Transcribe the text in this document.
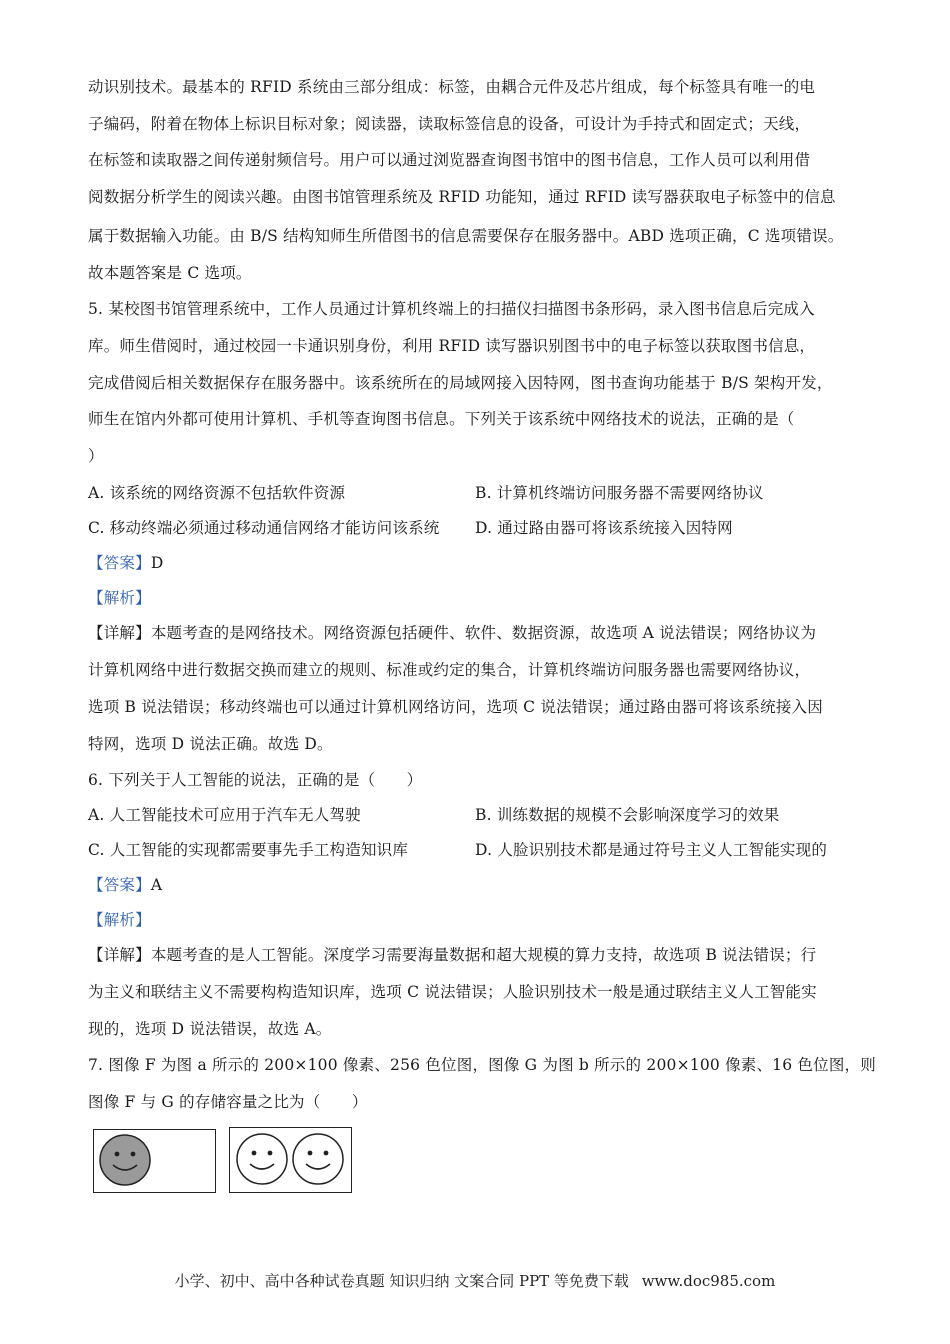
动识别技术。最基本的 RFID 系统由三部分组成：标签，由耦合元件及芯片组成，每个标签具有唯一的电
子编码，附着在物体上标识目标对象；阅读器，读取标签信息的设备，可设计为手持式和固定式；天线，
在标签和读取器之间传递射频信号。用户可以通过浏览器查询图书馆中的图书信息，工作人员可以利用借
阅数据分析学生的阅读兴趣。由图书馆管理系统及 RFID 功能知，通过 RFID 读写器获取电子标签中的信息
属于数据输入功能。由 B/S 结构知师生所借图书的信息需要保存在服务器中。ABD 选项正确，C 选项错误。
故本题答案是 C 选项。
5. 某校图书馆管理系统中，工作人员通过计算机终端上的扫描仪扫描图书条形码，录入图书信息后完成入
库。师生借阅时，通过校园一卡通识别身份，利用 RFID 读写器识别图书中的电子标签以获取图书信息，
完成借阅后相关数据保存在服务器中。该系统所在的局域网接入因特网，图书查询功能基于 B/S 架构开发，
师生在馆内外都可使用计算机、手机等查询图书信息。下列关于该系统中网络技术的说法，正确的是（
）
A. 该系统的网络资源不包括软件资源	B. 计算机终端访问服务器不需要网络协议
C. 移动终端必须通过移动通信网络才能访问该系统 D. 通过路由器可将该系统接入因特网
【答案】D
【解析】
【详解】本题考查的是网络技术。网络资源包括硬件、软件、数据资源，故选项 A 说法错误；网络协议为
计算机网络中进行数据交换而建立的规则、标准或约定的集合，计算机终端访问服务器也需要网络协议，
选项 B 说法错误；移动终端也可以通过计算机网络访问，选项 C 说法错误；通过路由器可将该系统接入因
特网，选项 D 说法正确。故选 D。
6. 下列关于人工智能的说法，正确的是（　　）
A. 人工智能技术可应用于汽车无人驾驶	B. 训练数据的规模不会影响深度学习的效果
C. 人工智能的实现都需要事先手工构造知识库	D. 人脸识别技术都是通过符号主义人工智能实现的
【答案】A
【解析】
【详解】本题考查的是人工智能。深度学习需要海量数据和超大规模的算力支持，故选项 B 说法错误；行
为主义和联结主义不需要构构造知识库，选项 C 说法错误；人脸识别技术一般是通过联结主义人工智能实
现的，选项 D 说法错误，故选 A。
7. 图像 F 为图 a 所示的 200×100 像素、256 色位图，图像 G 为图 b 所示的 200×100 像素、16 色位图，则
图像 F 与 G 的存储容量之比为（　　）
小学、初中、高中各种试卷真题 知识归纳 文案合同 PPT 等免费下载 www.doc985.com
